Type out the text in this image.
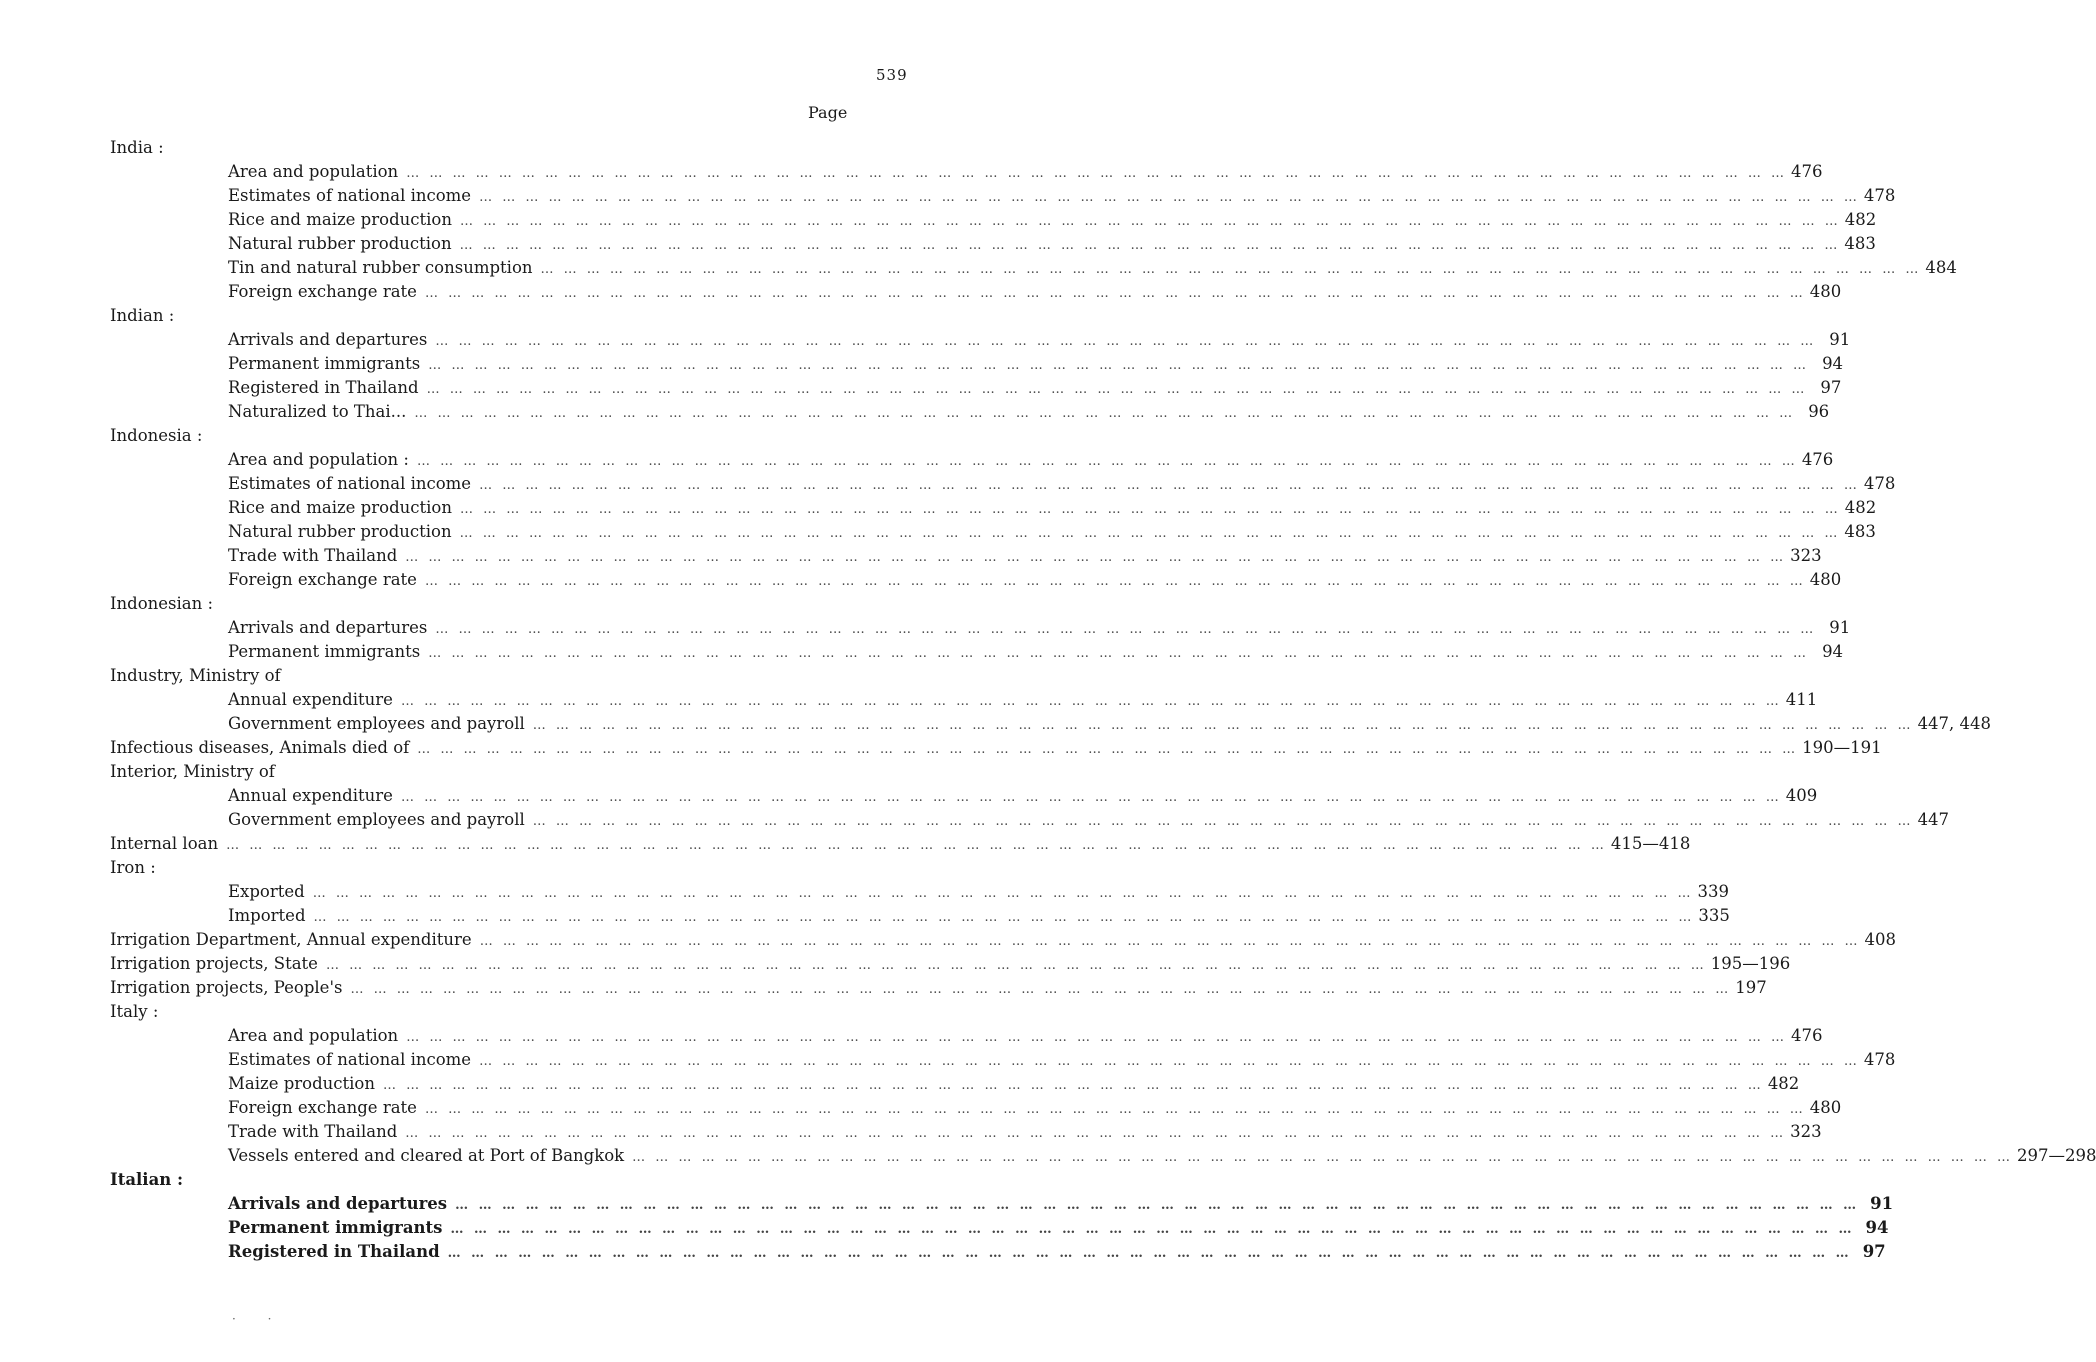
539
Page
India :
Area and population … … … … … … … … … … … … … … … … … … … … … … … … … … … … … … … … … … … … … … … … … … … … … … … … … … … … … … … … … … … … 476
Estimates of national income … … … … … … … … … … … … … … … … … … … … … … … … … … … … … … … … … … … … … … … … … … … … … … … … … … … … … … … … … … … … 478
Rice and maize production … … … … … … … … … … … … … … … … … … … … … … … … … … … … … … … … … … … … … … … … … … … … … … … … … … … … … … … … … … … … 482
Natural rubber production … … … … … … … … … … … … … … … … … … … … … … … … … … … … … … … … … … … … … … … … … … … … … … … … … … … … … … … … … … … … 483
Tin and natural rubber consumption … … … … … … … … … … … … … … … … … … … … … … … … … … … … … … … … … … … … … … … … … … … … … … … … … … … … … … … … … … … … 484
Foreign exchange rate … … … … … … … … … … … … … … … … … … … … … … … … … … … … … … … … … … … … … … … … … … … … … … … … … … … … … … … … … … … … 480
Indian :
Arrivals and departures … … … … … … … … … … … … … … … … … … … … … … … … … … … … … … … … … … … … … … … … … … … … … … … … … … … … … … … … … … … … 91
Permanent immigrants … … … … … … … … … … … … … … … … … … … … … … … … … … … … … … … … … … … … … … … … … … … … … … … … … … … … … … … … … … … … 94
Registered in Thailand … … … … … … … … … … … … … … … … … … … … … … … … … … … … … … … … … … … … … … … … … … … … … … … … … … … … … … … … … … … … 97
Naturalized to Thai... … … … … … … … … … … … … … … … … … … … … … … … … … … … … … … … … … … … … … … … … … … … … … … … … … … … … … … … … … … … … 96
Indonesia :
Area and population : … … … … … … … … … … … … … … … … … … … … … … … … … … … … … … … … … … … … … … … … … … … … … … … … … … … … … … … … … … … … 476
Estimates of national income … … … … … … … … … … … … … … … … … … … … … … … … … … … … … … … … … … … … … … … … … … … … … … … … … … … … … … … … … … … … 478
Rice and maize production … … … … … … … … … … … … … … … … … … … … … … … … … … … … … … … … … … … … … … … … … … … … … … … … … … … … … … … … … … … … 482
Natural rubber production … … … … … … … … … … … … … … … … … … … … … … … … … … … … … … … … … … … … … … … … … … … … … … … … … … … … … … … … … … … … 483
Trade with Thailand … … … … … … … … … … … … … … … … … … … … … … … … … … … … … … … … … … … … … … … … … … … … … … … … … … … … … … … … … … … … 323
Foreign exchange rate … … … … … … … … … … … … … … … … … … … … … … … … … … … … … … … … … … … … … … … … … … … … … … … … … … … … … … … … … … … … 480
Indonesian :
Arrivals and departures … … … … … … … … … … … … … … … … … … … … … … … … … … … … … … … … … … … … … … … … … … … … … … … … … … … … … … … … … … … … 91
Permanent immigrants … … … … … … … … … … … … … … … … … … … … … … … … … … … … … … … … … … … … … … … … … … … … … … … … … … … … … … … … … … … … 94
Industry, Ministry of
Annual expenditure … … … … … … … … … … … … … … … … … … … … … … … … … … … … … … … … … … … … … … … … … … … … … … … … … … … … … … … … … … … … 411
Government employees and payroll … … … … … … … … … … … … … … … … … … … … … … … … … … … … … … … … … … … … … … … … … … … … … … … … … … … … … … … … … … … … 447, 448
Infectious diseases, Animals died of … … … … … … … … … … … … … … … … … … … … … … … … … … … … … … … … … … … … … … … … … … … … … … … … … … … … … … … … … … … … 190—191
Interior, Ministry of
Annual expenditure … … … … … … … … … … … … … … … … … … … … … … … … … … … … … … … … … … … … … … … … … … … … … … … … … … … … … … … … … … … … 409
Government employees and payroll … … … … … … … … … … … … … … … … … … … … … … … … … … … … … … … … … … … … … … … … … … … … … … … … … … … … … … … … … … … … 447
Internal loan … … … … … … … … … … … … … … … … … … … … … … … … … … … … … … … … … … … … … … … … … … … … … … … … … … … … … … … … … … … … 415—418
Iron :
Exported … … … … … … … … … … … … … … … … … … … … … … … … … … … … … … … … … … … … … … … … … … … … … … … … … … … … … … … … … … … … 339
Imported … … … … … … … … … … … … … … … … … … … … … … … … … … … … … … … … … … … … … … … … … … … … … … … … … … … … … … … … … … … … 335
Irrigation Department, Annual expenditure … … … … … … … … … … … … … … … … … … … … … … … … … … … … … … … … … … … … … … … … … … … … … … … … … … … … … … … … … … … … 408
Irrigation projects, State … … … … … … … … … … … … … … … … … … … … … … … … … … … … … … … … … … … … … … … … … … … … … … … … … … … … … … … … … … … … 195—196
Irrigation projects, People's … … … … … … … … … … … … … … … … … … … … … … … … … … … … … … … … … … … … … … … … … … … … … … … … … … … … … … … … … … … … 197
Italy :
Area and population … … … … … … … … … … … … … … … … … … … … … … … … … … … … … … … … … … … … … … … … … … … … … … … … … … … … … … … … … … … … 476
Estimates of national income … … … … … … … … … … … … … … … … … … … … … … … … … … … … … … … … … … … … … … … … … … … … … … … … … … … … … … … … … … … … 478
Maize production … … … … … … … … … … … … … … … … … … … … … … … … … … … … … … … … … … … … … … … … … … … … … … … … … … … … … … … … … … … … 482
Foreign exchange rate … … … … … … … … … … … … … … … … … … … … … … … … … … … … … … … … … … … … … … … … … … … … … … … … … … … … … … … … … … … … 480
Trade with Thailand … … … … … … … … … … … … … … … … … … … … … … … … … … … … … … … … … … … … … … … … … … … … … … … … … … … … … … … … … … … … 323
Vessels entered and cleared at Port of Bangkok … … … … … … … … … … … … … … … … … … … … … … … … … … … … … … … … … … … … … … … … … … … … … … … … … … … … … … … … … … … … 297—298
Italian :
Arrivals and departures … … … … … … … … … … … … … … … … … … … … … … … … … … … … … … … … … … … … … … … … … … … … … … … … … … … … … … … … … … … … 91
Permanent immigrants … … … … … … … … … … … … … … … … … … … … … … … … … … … … … … … … … … … … … … … … … … … … … … … … … … … … … … … … … … … … 94
Registered in Thailand … … … … … … … … … … … … … … … … … … … … … … … … … … … … … … … … … … … … … … … … … … … … … … … … … … … … … … … … … … … … 97
· ·
